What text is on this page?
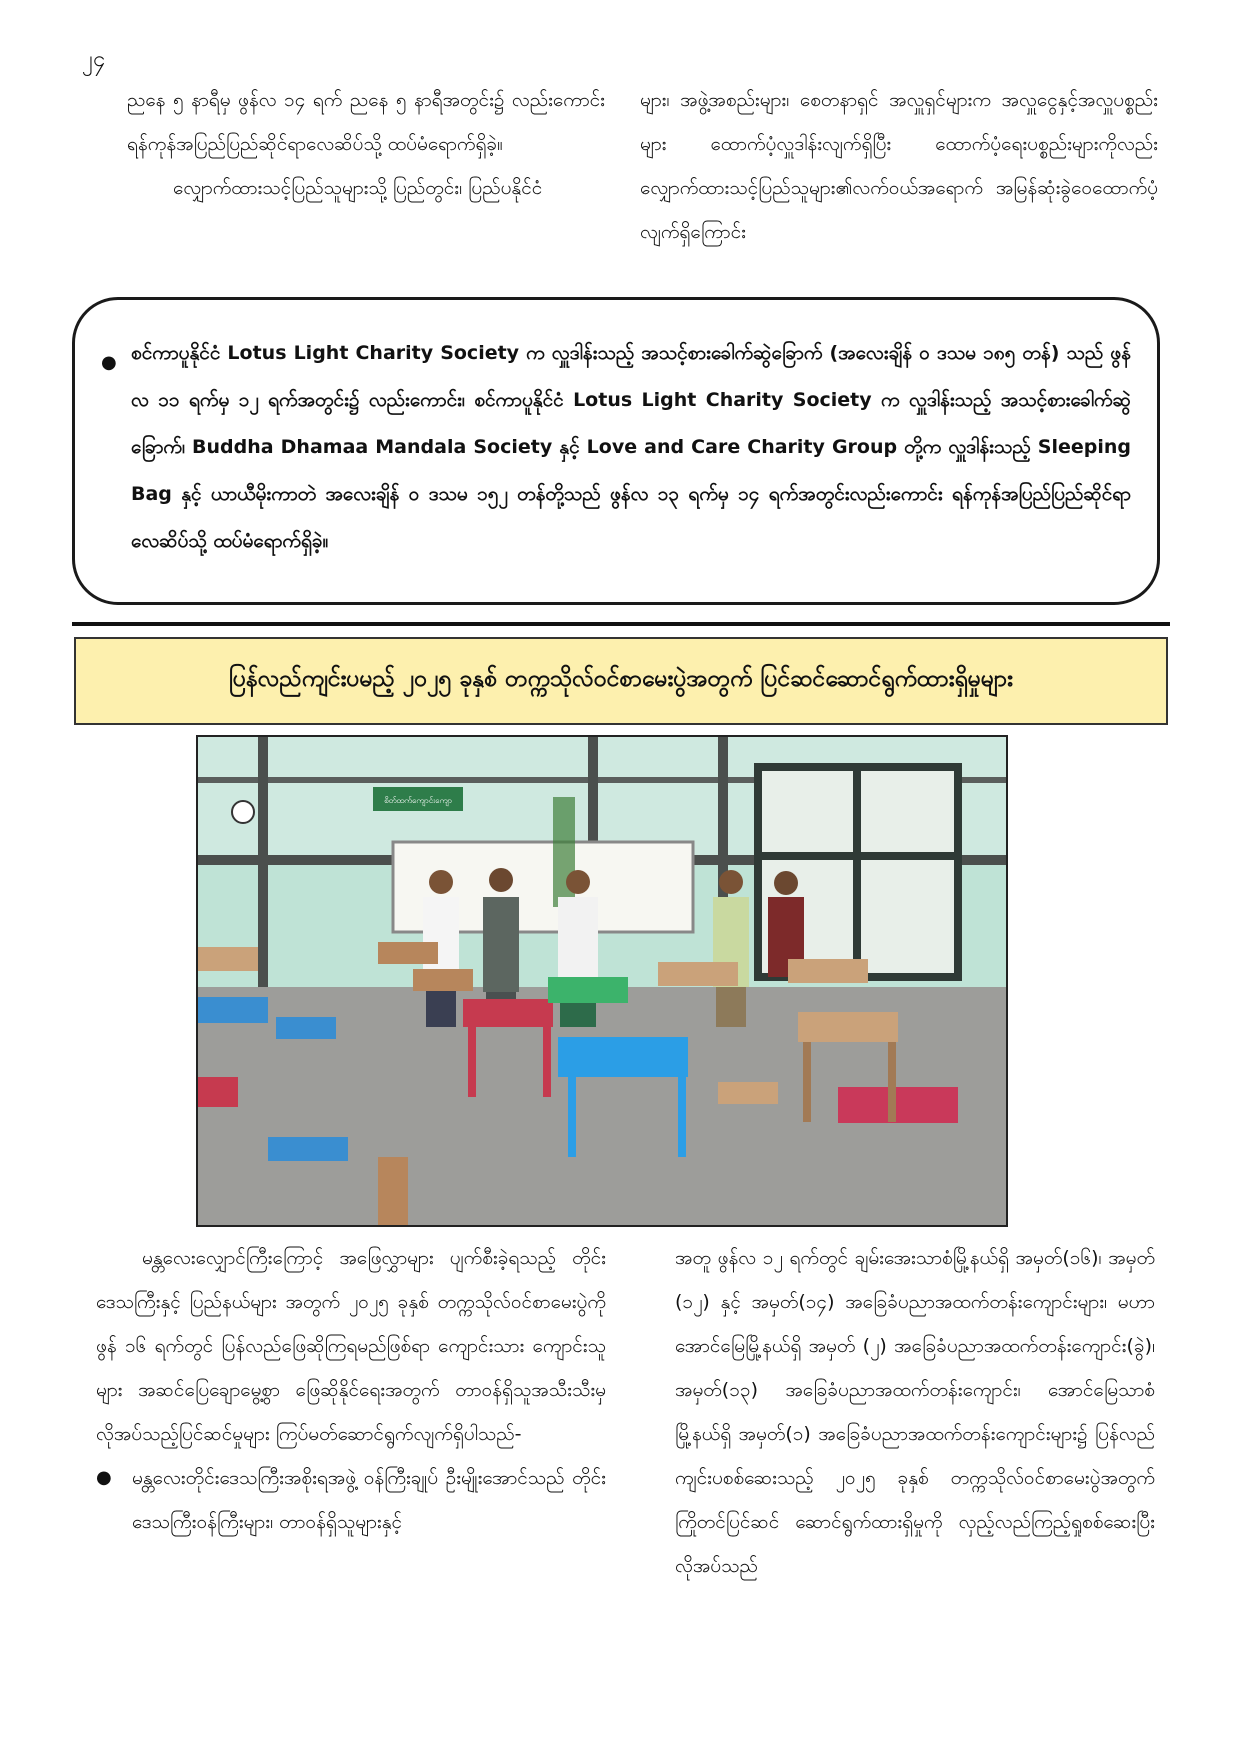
၂၄

ညနေ ၅ နာရီမှ ဖွန်လ ၁၄ ရက် ညနေ ၅ နာရီအတွင်း၌ လည်းကောင်း ရန်ကုန်အပြည်ပြည်ဆိုင်ရာလေဆိပ်သို့ ထပ်မံရောက်ရှိခဲ့။

လျှောက်ထားသင့်ပြည်သူများသို့ ပြည်တွင်း၊ ပြည်ပနိုင်ငံ

များ၊ အဖွဲ့အစည်းများ၊ စေတနာရှင် အလှူရှင်များက အလှူငွေနှင့်အလှူပစ္စည်းများ ထောက်ပံ့လှူဒါန်းလျက်ရှိပြီး ထောက်ပံ့ရေးပစ္စည်းများကိုလည်း လျှောက်ထားသင့်ပြည်သူများ၏လက်ဝယ်အရောက် အမြန်ဆုံးခွဲဝေထောက်ပံ့လျက်ရှိကြောင်း

● စင်ကာပူနိုင်ငံ Lotus Light Charity Society က လှူဒါန်းသည့် အသင့်စားခေါက်ဆွဲခြောက် (အလေးချိန် ဝ ဒသမ ၁၈၅ တန်) သည် ဖွန်လ ၁၁ ရက်မှ ၁၂ ရက်အတွင်း၌ လည်းကောင်း၊ စင်ကာပူနိုင်ငံ Lotus Light Charity Society က လှူဒါန်းသည့် အသင့်စားခေါက်ဆွဲခြောက်၊ Buddha Dhamaa Mandala Society နှင့် Love and Care Charity Group တို့က လှူဒါန်းသည့် Sleeping Bag နှင့် ယာယီမိုးကာတဲ အလေးချိန် ဝ ဒသမ ၁၅၂ တန်တို့သည် ဖွန်လ ၁၃ ရက်မှ ၁၄ ရက်အတွင်းလည်းကောင်း ရန်ကုန်အပြည်ပြည်ဆိုင်ရာလေဆိပ်သို့ ထပ်မံရောက်ရှိခဲ့။
ပြန်လည်ကျင်းပမည့် ၂၀၂၅ ခုနှစ် တက္ကသိုလ်ဝင်စာမေးပွဲအတွက် ပြင်ဆင်ဆောင်ရွက်ထားရှိမှုများ
စိတ်ထက်ကျောင်းကျော

မန္တလေးလျှောင်ကြီးကြောင့် အဖြေလွှာများ ပျက်စီးခဲ့ရသည့် တိုင်းဒေသကြီးနှင့် ပြည်နယ်များ အတွက် ၂၀၂၅ ခုနှစ် တက္ကသိုလ်ဝင်စာမေးပွဲကို ဖွန် ၁၆ ရက်တွင် ပြန်လည်ဖြေဆိုကြရမည်ဖြစ်ရာ ကျောင်းသား ကျောင်းသူများ အဆင်ပြေချောမွေ့စွာ ဖြေဆိုနိုင်ရေးအတွက် တာဝန်ရှိသူအသီးသီးမှ လိုအပ်သည့်ပြင်ဆင်မှုများ ကြပ်မတ်ဆောင်ရွက်လျက်ရှိပါသည်-

● မန္တလေးတိုင်းဒေသကြီးအစိုးရအဖွဲ့ ဝန်ကြီးချုပ် ဦးမျိုးအောင်သည် တိုင်းဒေသကြီးဝန်ကြီးများ၊ တာဝန်ရှိသူများနှင့်

အတူ ဖွန်လ ၁၂ ရက်တွင် ချမ်းအေးသာစံမြို့နယ်ရှိ အမှတ်(၁၆)၊ အမှတ် (၁၂) နှင့် အမှတ်(၁၄) အခြေခံပညာအထက်တန်းကျောင်းများ၊ မဟာအောင်မြေမြို့နယ်ရှိ အမှတ် (၂) အခြေခံပညာအထက်တန်းကျောင်း(ခွဲ)၊ အမှတ်(၁၃) အခြေခံပညာအထက်တန်းကျောင်း၊ အောင်မြေသာစံမြို့နယ်ရှိ အမှတ်(၁) အခြေခံပညာအထက်တန်းကျောင်းများ၌ ပြန်လည်ကျင်းပစစ်ဆေးသည့် ၂၀၂၅ ခုနှစ် တက္ကသိုလ်ဝင်စာမေးပွဲအတွက် ကြိုတင်ပြင်ဆင် ဆောင်ရွက်ထားရှိမှုကို လှည့်လည်ကြည့်ရှုစစ်ဆေးပြီး လိုအပ်သည်
